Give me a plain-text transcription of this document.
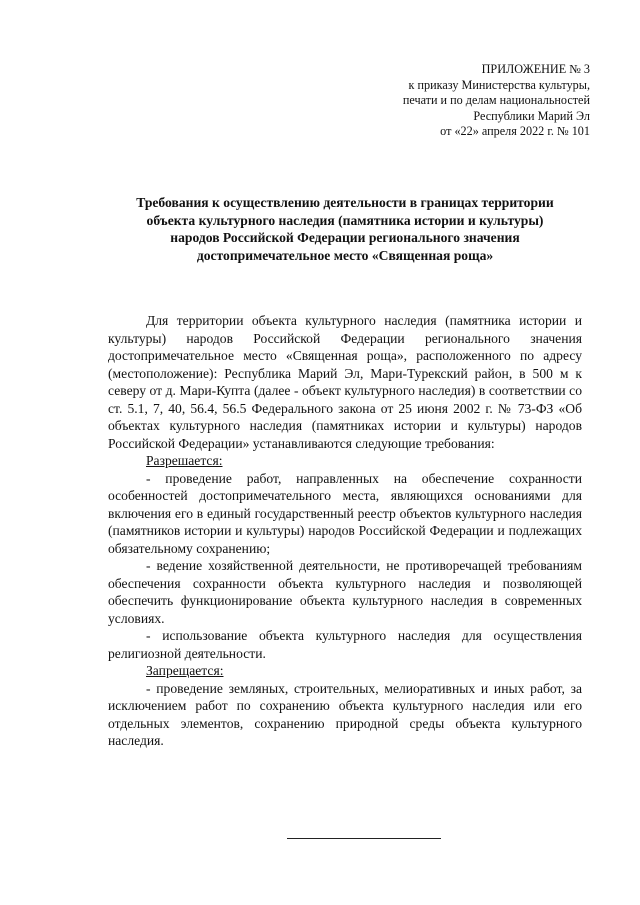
ПРИЛОЖЕНИЕ № 3
к приказу Министерства культуры,
печати и по делам национальностей
Республики Марий Эл
от «22» апреля 2022 г. № 101
Требования к осуществлению деятельности в границах территории
объекта культурного наследия (памятника истории и культуры)
народов Российской Федерации регионального значения
достопримечательное место «Священная роща»

Для территории объекта культурного наследия (памятника истории и культуры) народов Российской Федерации регионального значения достопримечательное место «Священная роща», расположенного по адресу (местоположение): Республика Марий Эл, Мари-Турекский район, в 500 м к северу от д. Мари-Купта (далее - объект культурного наследия) в соответствии со ст. 5.1, 7, 40, 56.4, 56.5 Федерального закона от 25 июня 2002 г. № 73-ФЗ «Об объектах культурного наследия (памятниках истории и культуры) народов Российской Федерации» устанавливаются следующие требования:

Разрешается:

- проведение работ, направленных на обеспечение сохранности особенностей достопримечательного места, являющихся основаниями для включения его в единый государственный реестр объектов культурного наследия (памятников истории и культуры) народов Российской Федерации и подлежащих обязательному сохранению;

- ведение хозяйственной деятельности, не противоречащей требованиям обеспечения сохранности объекта культурного наследия и позволяющей обеспечить функционирование объекта культурного наследия в современных условиях.

- использование объекта культурного наследия для осуществления религиозной деятельности.

Запрещается:

- проведение земляных, строительных, мелиоративных и иных работ, за исключением работ по сохранению объекта культурного наследия или его отдельных элементов, сохранению природной среды объекта культурного наследия.
